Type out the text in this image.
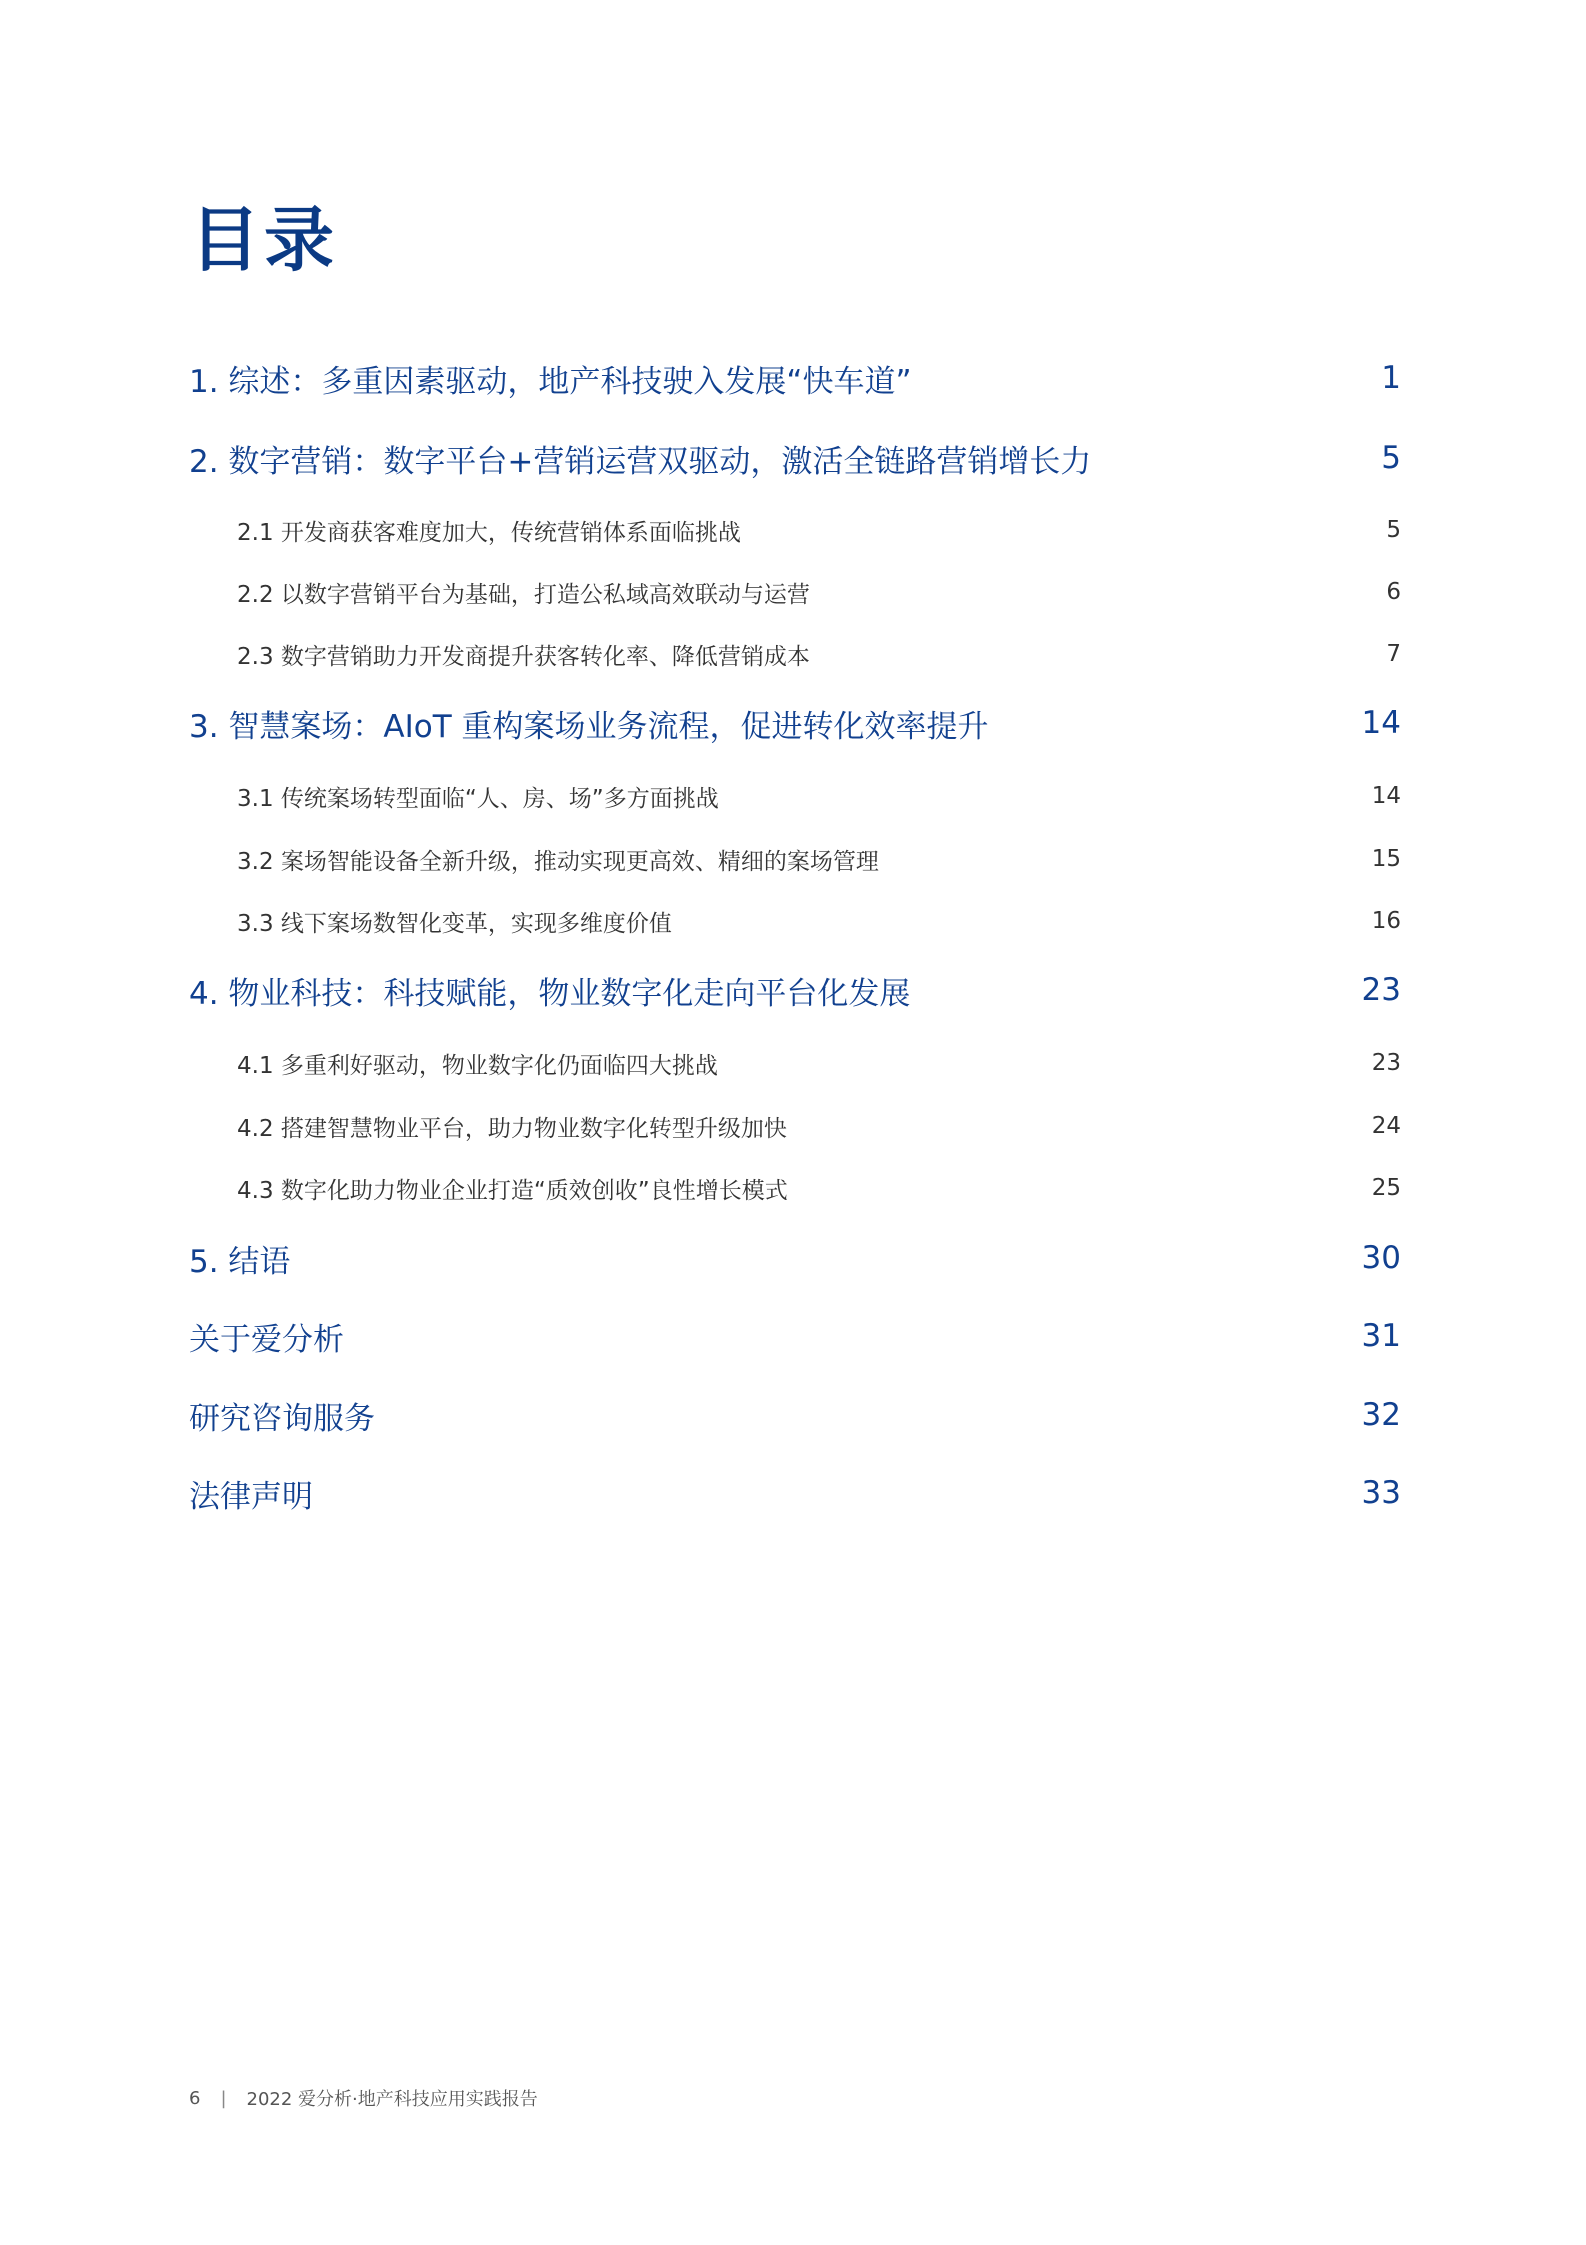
目录
1. 综述：多重因素驱动，地产科技驶入发展“快车道”	1
2. 数字营销：数字平台+营销运营双驱动，激活全链路营销增长力	5
2.1 开发商获客难度加大，传统营销体系面临挑战	5
2.2 以数字营销平台为基础，打造公私域高效联动与运营	6
2.3 数字营销助力开发商提升获客转化率、降低营销成本	7
3. 智慧案场：AIoT 重构案场业务流程，促进转化效率提升	14
3.1 传统案场转型面临“人、房、场”多方面挑战	14
3.2 案场智能设备全新升级，推动实现更高效、精细的案场管理	15
3.3 线下案场数智化变革，实现多维度价值	16
4. 物业科技：科技赋能，物业数字化走向平台化发展	23
4.1 多重利好驱动，物业数字化仍面临四大挑战	23
4.2 搭建智慧物业平台，助力物业数字化转型升级加快	24
4.3 数字化助力物业企业打造“质效创收”良性增长模式	25
5. 结语	30
关于爱分析	31
研究咨询服务	32
法律声明	33
6 | 2022 爱分析·地产科技应用实践报告
